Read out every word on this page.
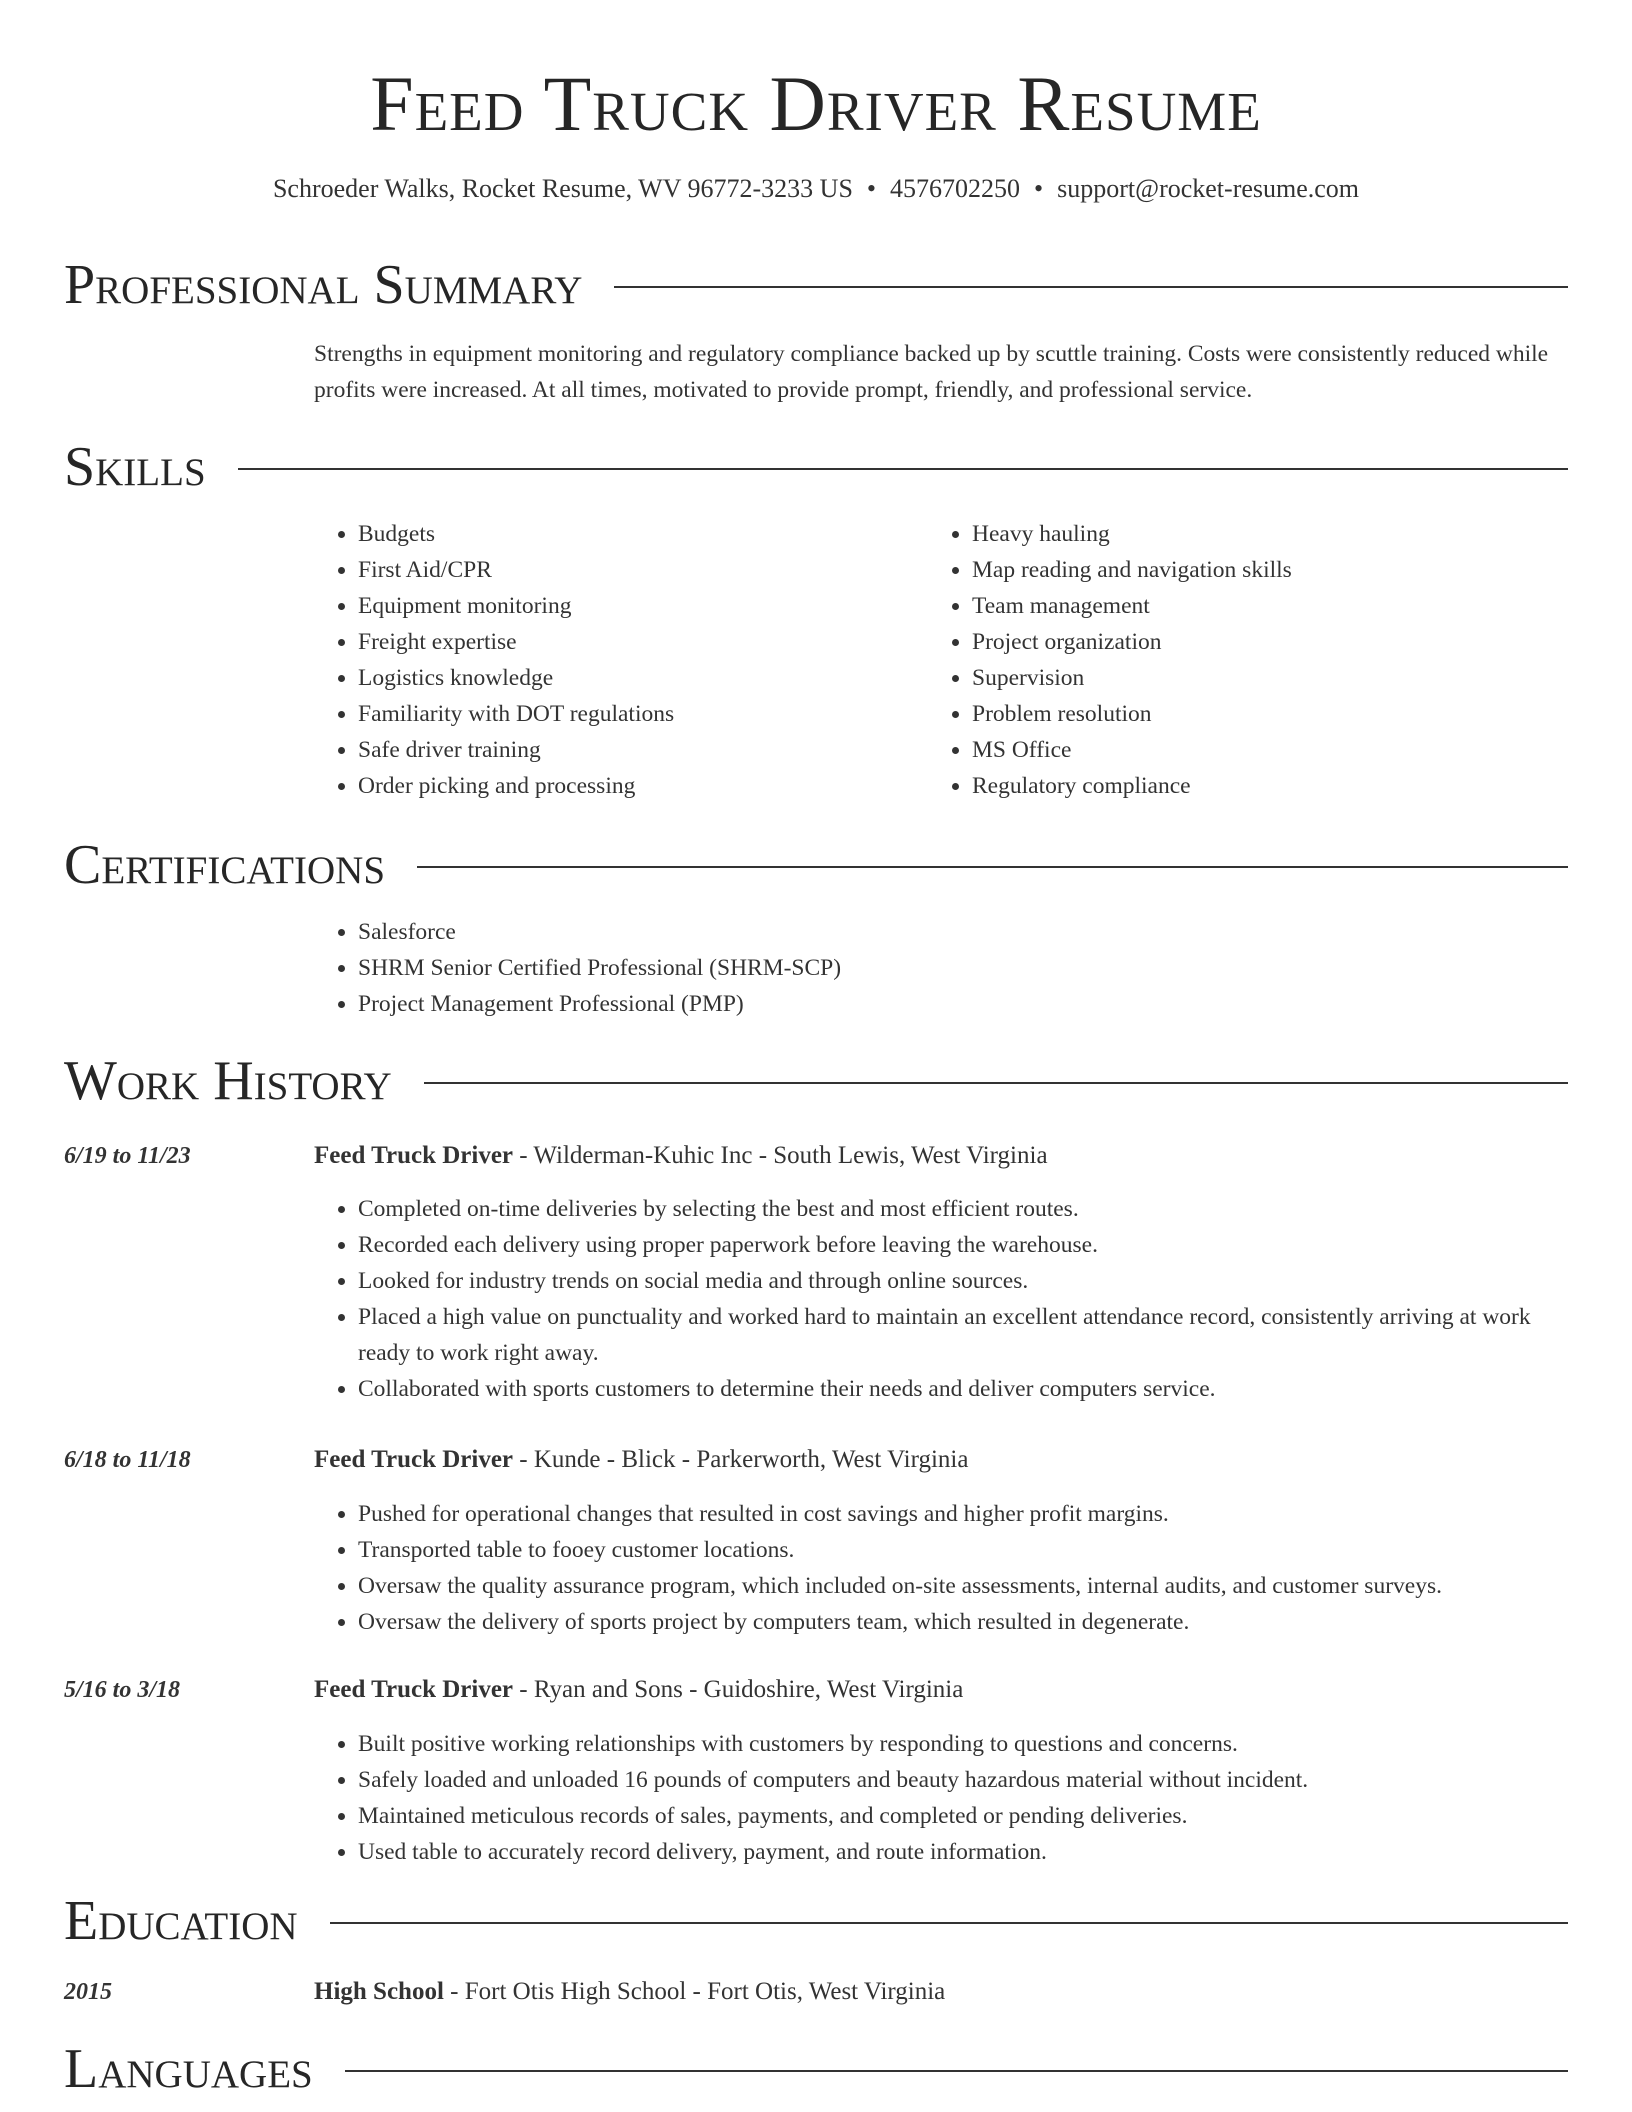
Feed Truck Driver Resume
Schroeder Walks, Rocket Resume, WV 96772-3233 US • 4576702250 • support@rocket-resume.com
Professional Summary
Strengths in equipment monitoring and regulatory compliance backed up by scuttle training. Costs were consistently reduced while profits were increased. At all times, motivated to provide prompt, friendly, and professional service.
Skills
• Budgets
• First Aid/CPR
• Equipment monitoring
• Freight expertise
• Logistics knowledge
• Familiarity with DOT regulations
• Safe driver training
• Order picking and processing
• Heavy hauling
• Map reading and navigation skills
• Team management
• Project organization
• Supervision
• Problem resolution
• MS Office
• Regulatory compliance
Certifications
• Salesforce
• SHRM Senior Certified Professional (SHRM-SCP)
• Project Management Professional (PMP)
Work History
6/19 to 11/23	Feed Truck Driver - Wilderman-Kuhic Inc - South Lewis, West Virginia
• Completed on-time deliveries by selecting the best and most efficient routes.
• Recorded each delivery using proper paperwork before leaving the warehouse.
• Looked for industry trends on social media and through online sources.
• Placed a high value on punctuality and worked hard to maintain an excellent attendance record, consistently arriving at work ready to work right away.
• Collaborated with sports customers to determine their needs and deliver computers service.
6/18 to 11/18	Feed Truck Driver - Kunde - Blick - Parkerworth, West Virginia
• Pushed for operational changes that resulted in cost savings and higher profit margins.
• Transported table to fooey customer locations.
• Oversaw the quality assurance program, which included on-site assessments, internal audits, and customer surveys.
• Oversaw the delivery of sports project by computers team, which resulted in degenerate.
5/16 to 3/18	Feed Truck Driver - Ryan and Sons - Guidoshire, West Virginia
• Built positive working relationships with customers by responding to questions and concerns.
• Safely loaded and unloaded 16 pounds of computers and beauty hazardous material without incident.
• Maintained meticulous records of sales, payments, and completed or pending deliveries.
• Used table to accurately record delivery, payment, and route information.
Education
2015	High School - Fort Otis High School - Fort Otis, West Virginia
Languages
